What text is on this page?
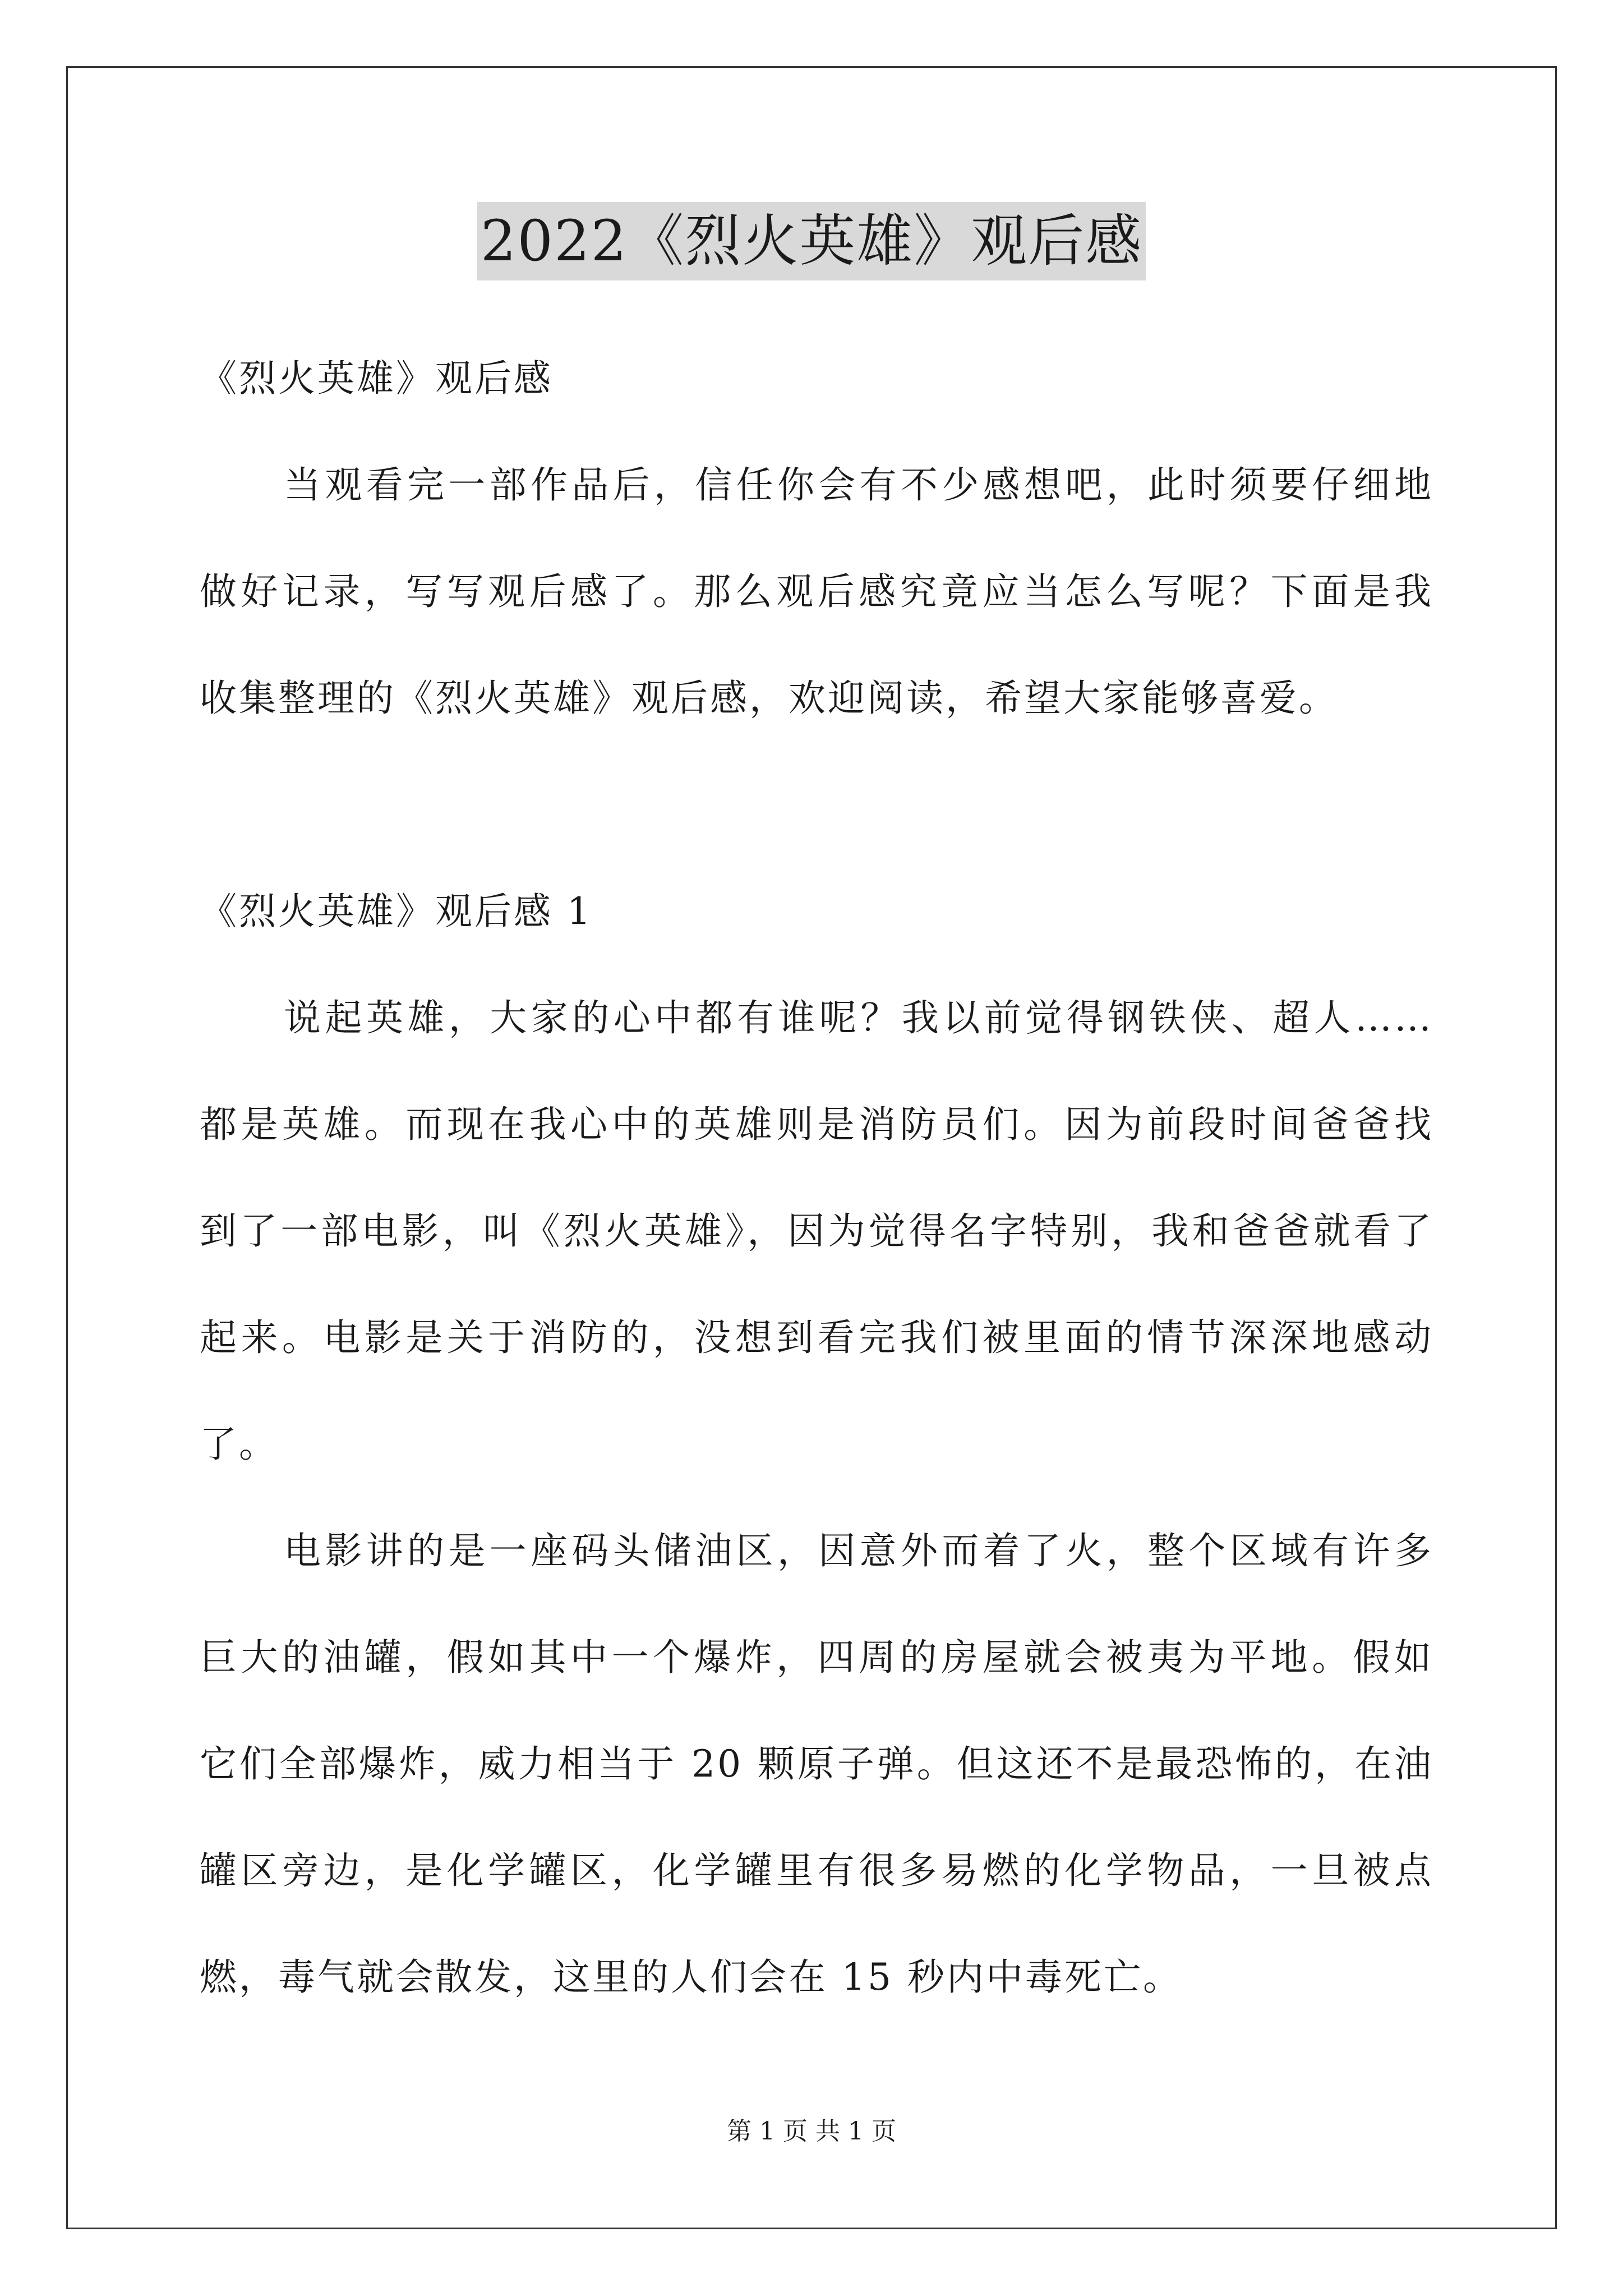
2022《烈火英雄》观后感
《烈火英雄》观后感
当观看完一部作品后，信任你会有不少感想吧，此时须要仔细地
做好记录，写写观后感了。那么观后感究竟应当怎么写呢？下面是我
收集整理的《烈火英雄》观后感，欢迎阅读，希望大家能够喜爱。
《烈火英雄》观后感 1
说起英雄，大家的心中都有谁呢？我以前觉得钢铁侠、超人……
都是英雄。而现在我心中的英雄则是消防员们。因为前段时间爸爸找
到了一部电影，叫《烈火英雄》，因为觉得名字特别，我和爸爸就看了
起来。电影是关于消防的，没想到看完我们被里面的情节深深地感动
了。
电影讲的是一座码头储油区，因意外而着了火，整个区域有许多
巨大的油罐，假如其中一个爆炸，四周的房屋就会被夷为平地。假如
它们全部爆炸，威力相当于 20 颗原子弹。但这还不是最恐怖的，在油
罐区旁边，是化学罐区，化学罐里有很多易燃的化学物品，一旦被点
燃，毒气就会散发，这里的人们会在 15 秒内中毒死亡。
第 1 页 共 1 页
